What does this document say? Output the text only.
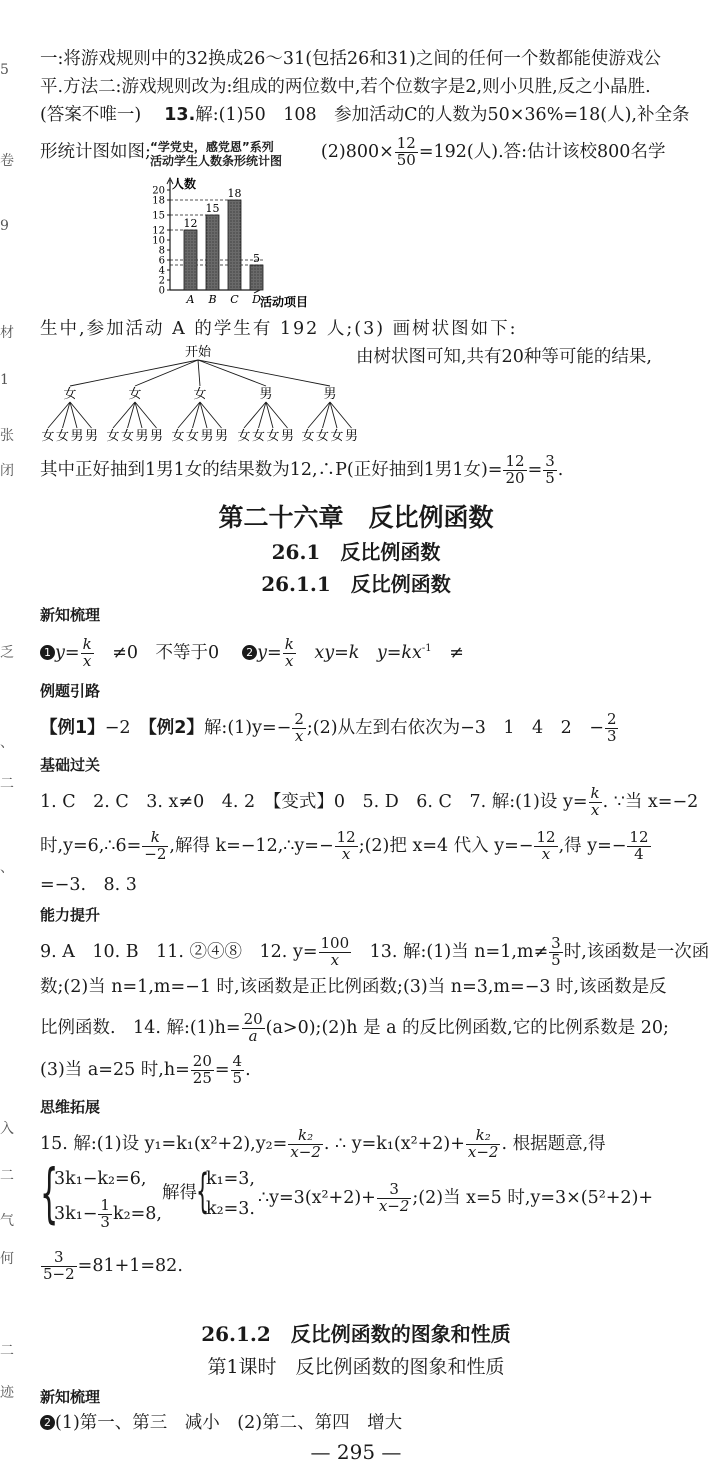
5
卷
9
材
1
张
闭
乏
、
二
、
入
二
气
何
二
迹
一:将游戏规则中的32换成26～31(包括26和31)之间的任何一个数都能使游戏公
平.方法二:游戏规则改为:组成的两位数中,若个位数字是2,则小贝胜,反之小晶胜.
(答案不唯一)　 13.解:(1)50　108　参加活动C的人数为50×36%=18(人),补全条
形统计图如图;	$(2)800\times \frac{12}{50} =192$(人).答:估计该校800名学
“学党史，感党恩”系列
活动学生人数条形统计图
0
2
4
6
8
10
12
15
18
20
12
A
15
B
18
C
5
D
人数
活动项目
生中,参加活动 A 的学生有 192 人;(3) 画树状图如下:
由树状图可知,共有20种等可能的结果,
开始
女
女 女 男 男
女
女 女 男 男
女
女 女 男 男
男
女 女 女 男
男
女 女 女 男
其中正好抽到1男1女的结果数为12,∴P(正好抽到1男1女)= $\frac{12}{20} = \frac{3}{5}$ .
第二十六章　反比例函数
26.1　反比例函数
26.1.1　反比例函数
新知梳理
1 $y= \frac{k}{x}$
　 ≠0　不等于0　 2 $y= \frac{k}{x}$
　 xy=k　$y=kx^{-1}$　 ≠
例题引路
【例1】−2　 【例2】解:(1)y=− $\frac{2}{x}$ ;(2)从左到右依次为−3　1　4　2　− $\frac{2}{3}$
基础过关
1. C　2. C　3. x≠0　4. 2　【变式】0　5. D　6. C　7. 解:(1)设 $y= \frac{k}{x}$ . ∵当 x=−2
时,y=6,∴6= $\frac{k}{-2}$ ,解得 k=−12,∴y=− $\frac{12}{x}$ ;(2)把 x=4 代入 $y=- \frac{12}{x}$ ,得 $y=- \frac{12}{4}$
=−3.　8. 3
能力提升
9. A　10. B　11. ②④⑧　12. $y= \frac{100}{x}$ 　13. 解:(1)当 $n=1,m\ne \frac{3}{5}$ 时,该函数是一次函
数;(2)当 n=1,m=−1 时,该函数是正比例函数;(3)当 n=3,m=−3 时,该函数是反
比例函数.　14. 解:(1)h= $\frac{20}{a}$ (a>0);(2)h 是 a 的反比例函数,它的比例系数是 20;
(3)当 a=25 时$,h= \frac{20}{25} = \frac{4}{5}$ .
思维拓展
15. 解:(1)设 $y_1=k_1(x^2+2),y_2= \frac{\text{k₂}}{x-2}$ . ∴ $y=k_1(x^2+2)+ \frac{\text{k₂}}{x-2}$ . 根据题意,得
{
3k₁−k₂=6,
$3k_1- \frac{1}{3} k_2=8$,
解得 {
k₁=3,
k₂=3.
∴y=3(x²+2)+ $\frac{3}{x-2}$ ;(2)当 x=5 时,y=3×(5²+2)+
$\frac{3}{5-2} =81+1=82$.
26.1.2　反比例函数的图象和性质
第1课时　反比例函数的图象和性质
新知梳理
2 (1)第一、第三　减小　(2)第二、第四　增大
— 295 —
